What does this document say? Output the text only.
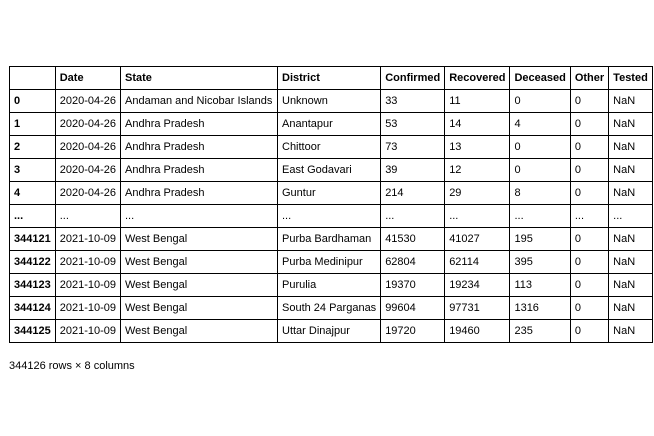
	Date	State	District	Confirmed	Recovered	Deceased	Other	Tested
0	2020-04-26	Andaman and Nicobar Islands	Unknown	33	11	0	0	NaN
1	2020-04-26	Andhra Pradesh	Anantapur	53	14	4	0	NaN
2	2020-04-26	Andhra Pradesh	Chittoor	73	13	0	0	NaN
3	2020-04-26	Andhra Pradesh	East Godavari	39	12	0	0	NaN
4	2020-04-26	Andhra Pradesh	Guntur	214	29	8	0	NaN
...	...	...	...	...	...	...	...	...
344121	2021-10-09	West Bengal	Purba Bardhaman	41530	41027	195	0	NaN
344122	2021-10-09	West Bengal	Purba Medinipur	62804	62114	395	0	NaN
344123	2021-10-09	West Bengal	Purulia	19370	19234	113	0	NaN
344124	2021-10-09	West Bengal	South 24 Parganas	99604	97731	1316	0	NaN
344125	2021-10-09	West Bengal	Uttar Dinajpur	19720	19460	235	0	NaN
344126 rows × 8 columns
